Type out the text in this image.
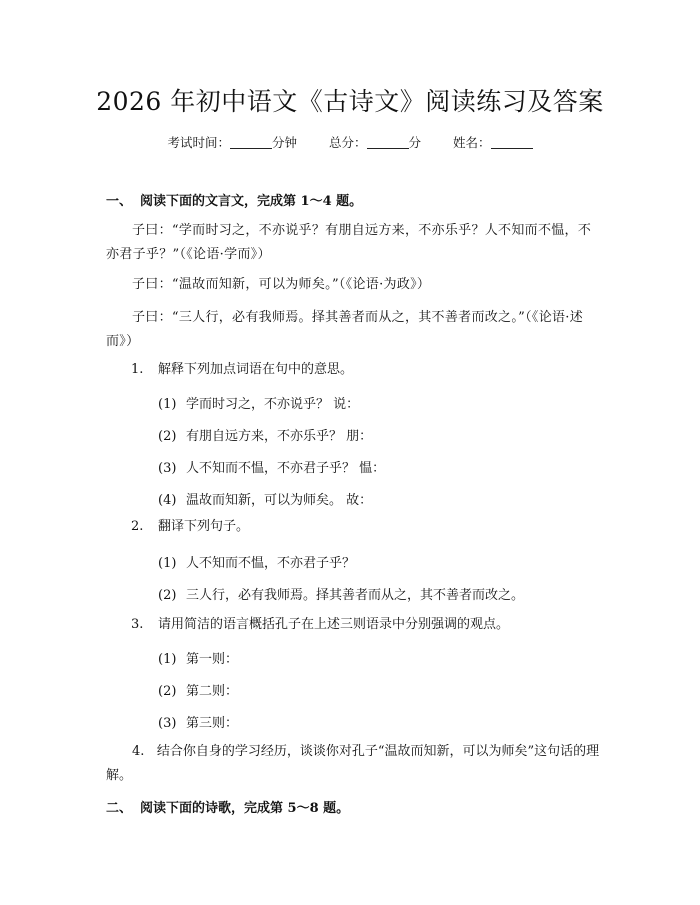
2026 年初中语文《古诗文》阅读练习及答案
考试时间：	分钟	总分：	分	姓名：
一、 阅读下面的文言文，完成第 1～4 题。
子曰：“学而时习之，不亦说乎？有朋自远方来，不亦乐乎？人不知而不愠，不亦君子乎？”（《论语·学而》）
子曰：“温故而知新，可以为师矣。”（《论语·为政》）
子曰：“三人行，必有我师焉。择其善者而从之，其不善者而改之。”（《论语·述而》）
1. 解释下列加点词语在句中的意思。
(1) 学而时习之，不亦说乎？ 说：
(2) 有朋自远方来，不亦乐乎？ 朋：
(3) 人不知而不愠，不亦君子乎？ 愠：
(4) 温故而知新，可以为师矣。 故：
2. 翻译下列句子。
(1) 人不知而不愠，不亦君子乎？
(2) 三人行，必有我师焉。择其善者而从之，其不善者而改之。
3. 请用简洁的语言概括孔子在上述三则语录中分别强调的观点。
(1) 第一则：
(2) 第二则：
(3) 第三则：
4. 结合你自身的学习经历，谈谈你对孔子“温故而知新，可以为师矣”这句话的理解。
二、 阅读下面的诗歌，完成第 5～8 题。
